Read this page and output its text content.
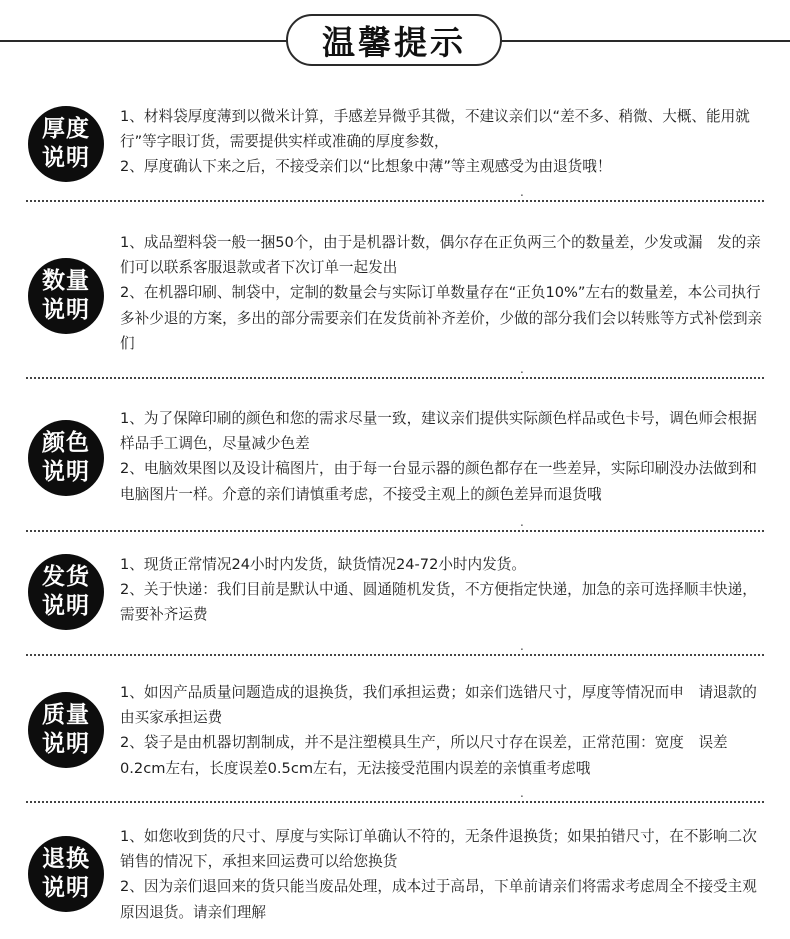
温馨提示
厚度
说明

1、材料袋厚度薄到以微米计算，手感差异微乎其微，不建议亲们以“差不多、稍微、大概、能用就行”等字眼订货，需要提供实样或准确的厚度参数，

2、厚度确认下来之后，不接受亲们以“比想象中薄”等主观感受为由退货哦！

.
数量
说明

1、成品塑料袋一般一捆50个，由于是机器计数，偶尔存在正负两三个的数量差，少发或漏　发的亲们可以联系客服退款或者下次订单一起发出

2、在机器印刷、制袋中，定制的数量会与实际订单数量存在“正负10%”左右的数量差，本公司执行多补少退的方案，多出的部分需要亲们在发货前补齐差价，少做的部分我们会以转账等方式补偿到亲们

.
颜色
说明

1、为了保障印刷的颜色和您的需求尽量一致，建议亲们提供实际颜色样品或色卡号，调色师会根据样品手工调色，尽量减少色差

2、电脑效果图以及设计稿图片，由于每一台显示器的颜色都存在一些差异，实际印刷没办法做到和电脑图片一样。介意的亲们请慎重考虑，不接受主观上的颜色差异而退货哦

.
发货
说明

1、现货正常情况24小时内发货，缺货情况24-72小时内发货。

2、关于快递：我们目前是默认中通、圆通随机发货，不方便指定快递，加急的亲可选择顺丰快递，需要补齐运费

.
质量
说明

1、如因产品质量问题造成的退换货，我们承担运费；如亲们选错尺寸，厚度等情况而申　请退款的由买家承担运费

2、袋子是由机器切割制成，并不是注塑模具生产，所以尺寸存在误差，正常范围：宽度　误差0.2cm左右，长度误差0.5cm左右，无法接受范围内误差的亲慎重考虑哦

.
退换
说明

1、如您收到货的尺寸、厚度与实际订单确认不符的，无条件退换货；如果拍错尺寸，在不影响二次销售的情况下，承担来回运费可以给您换货

2、因为亲们退回来的货只能当废品处理，成本过于高昂，下单前请亲们将需求考虑周全不接受主观原因退货。请亲们理解
